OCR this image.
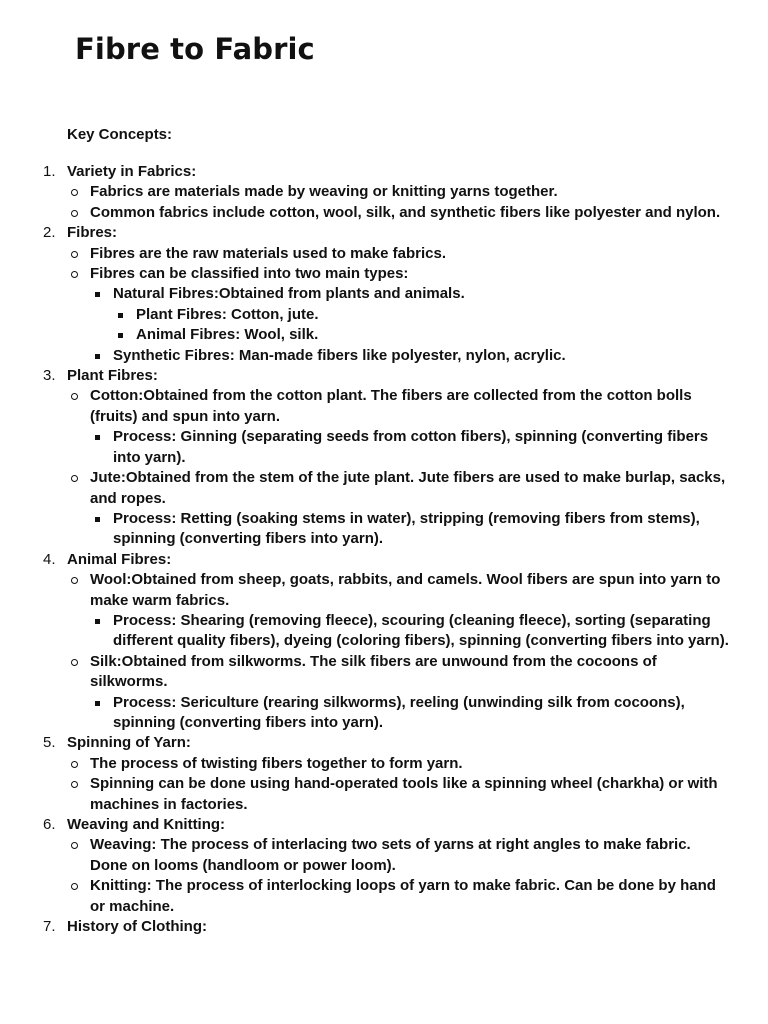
Fibre to Fabric
Key Concepts:
1. Variety in Fabrics:
Fabrics are materials made by weaving or knitting yarns together.
Common fabrics include cotton, wool, silk, and synthetic fibers like polyester and nylon.
2. Fibres:
Fibres are the raw materials used to make fabrics.
Fibres can be classified into two main types:
Natural Fibres:Obtained from plants and animals.
Plant Fibres: Cotton, jute.
Animal Fibres: Wool, silk.
Synthetic Fibres: Man-made fibers like polyester, nylon, acrylic.
3. Plant Fibres:
Cotton:Obtained from the cotton plant. The fibers are collected from the cotton bolls (fruits) and spun into yarn.
Process: Ginning (separating seeds from cotton fibers), spinning (converting fibers into yarn).
Jute:Obtained from the stem of the jute plant. Jute fibers are used to make burlap, sacks, and ropes.
Process: Retting (soaking stems in water), stripping (removing fibers from stems), spinning (converting fibers into yarn).
4. Animal Fibres:
Wool:Obtained from sheep, goats, rabbits, and camels. Wool fibers are spun into yarn to make warm fabrics.
Process: Shearing (removing fleece), scouring (cleaning fleece), sorting (separating different quality fibers), dyeing (coloring fibers), spinning (converting fibers into yarn).
Silk:Obtained from silkworms. The silk fibers are unwound from the cocoons of silkworms.
Process: Sericulture (rearing silkworms), reeling (unwinding silk from cocoons), spinning (converting fibers into yarn).
5. Spinning of Yarn:
The process of twisting fibers together to form yarn.
Spinning can be done using hand-operated tools like a spinning wheel (charkha) or with machines in factories.
6. Weaving and Knitting:
Weaving: The process of interlacing two sets of yarns at right angles to make fabric. Done on looms (handloom or power loom).
Knitting: The process of interlocking loops of yarn to make fabric. Can be done by hand or machine.
7. History of Clothing:
